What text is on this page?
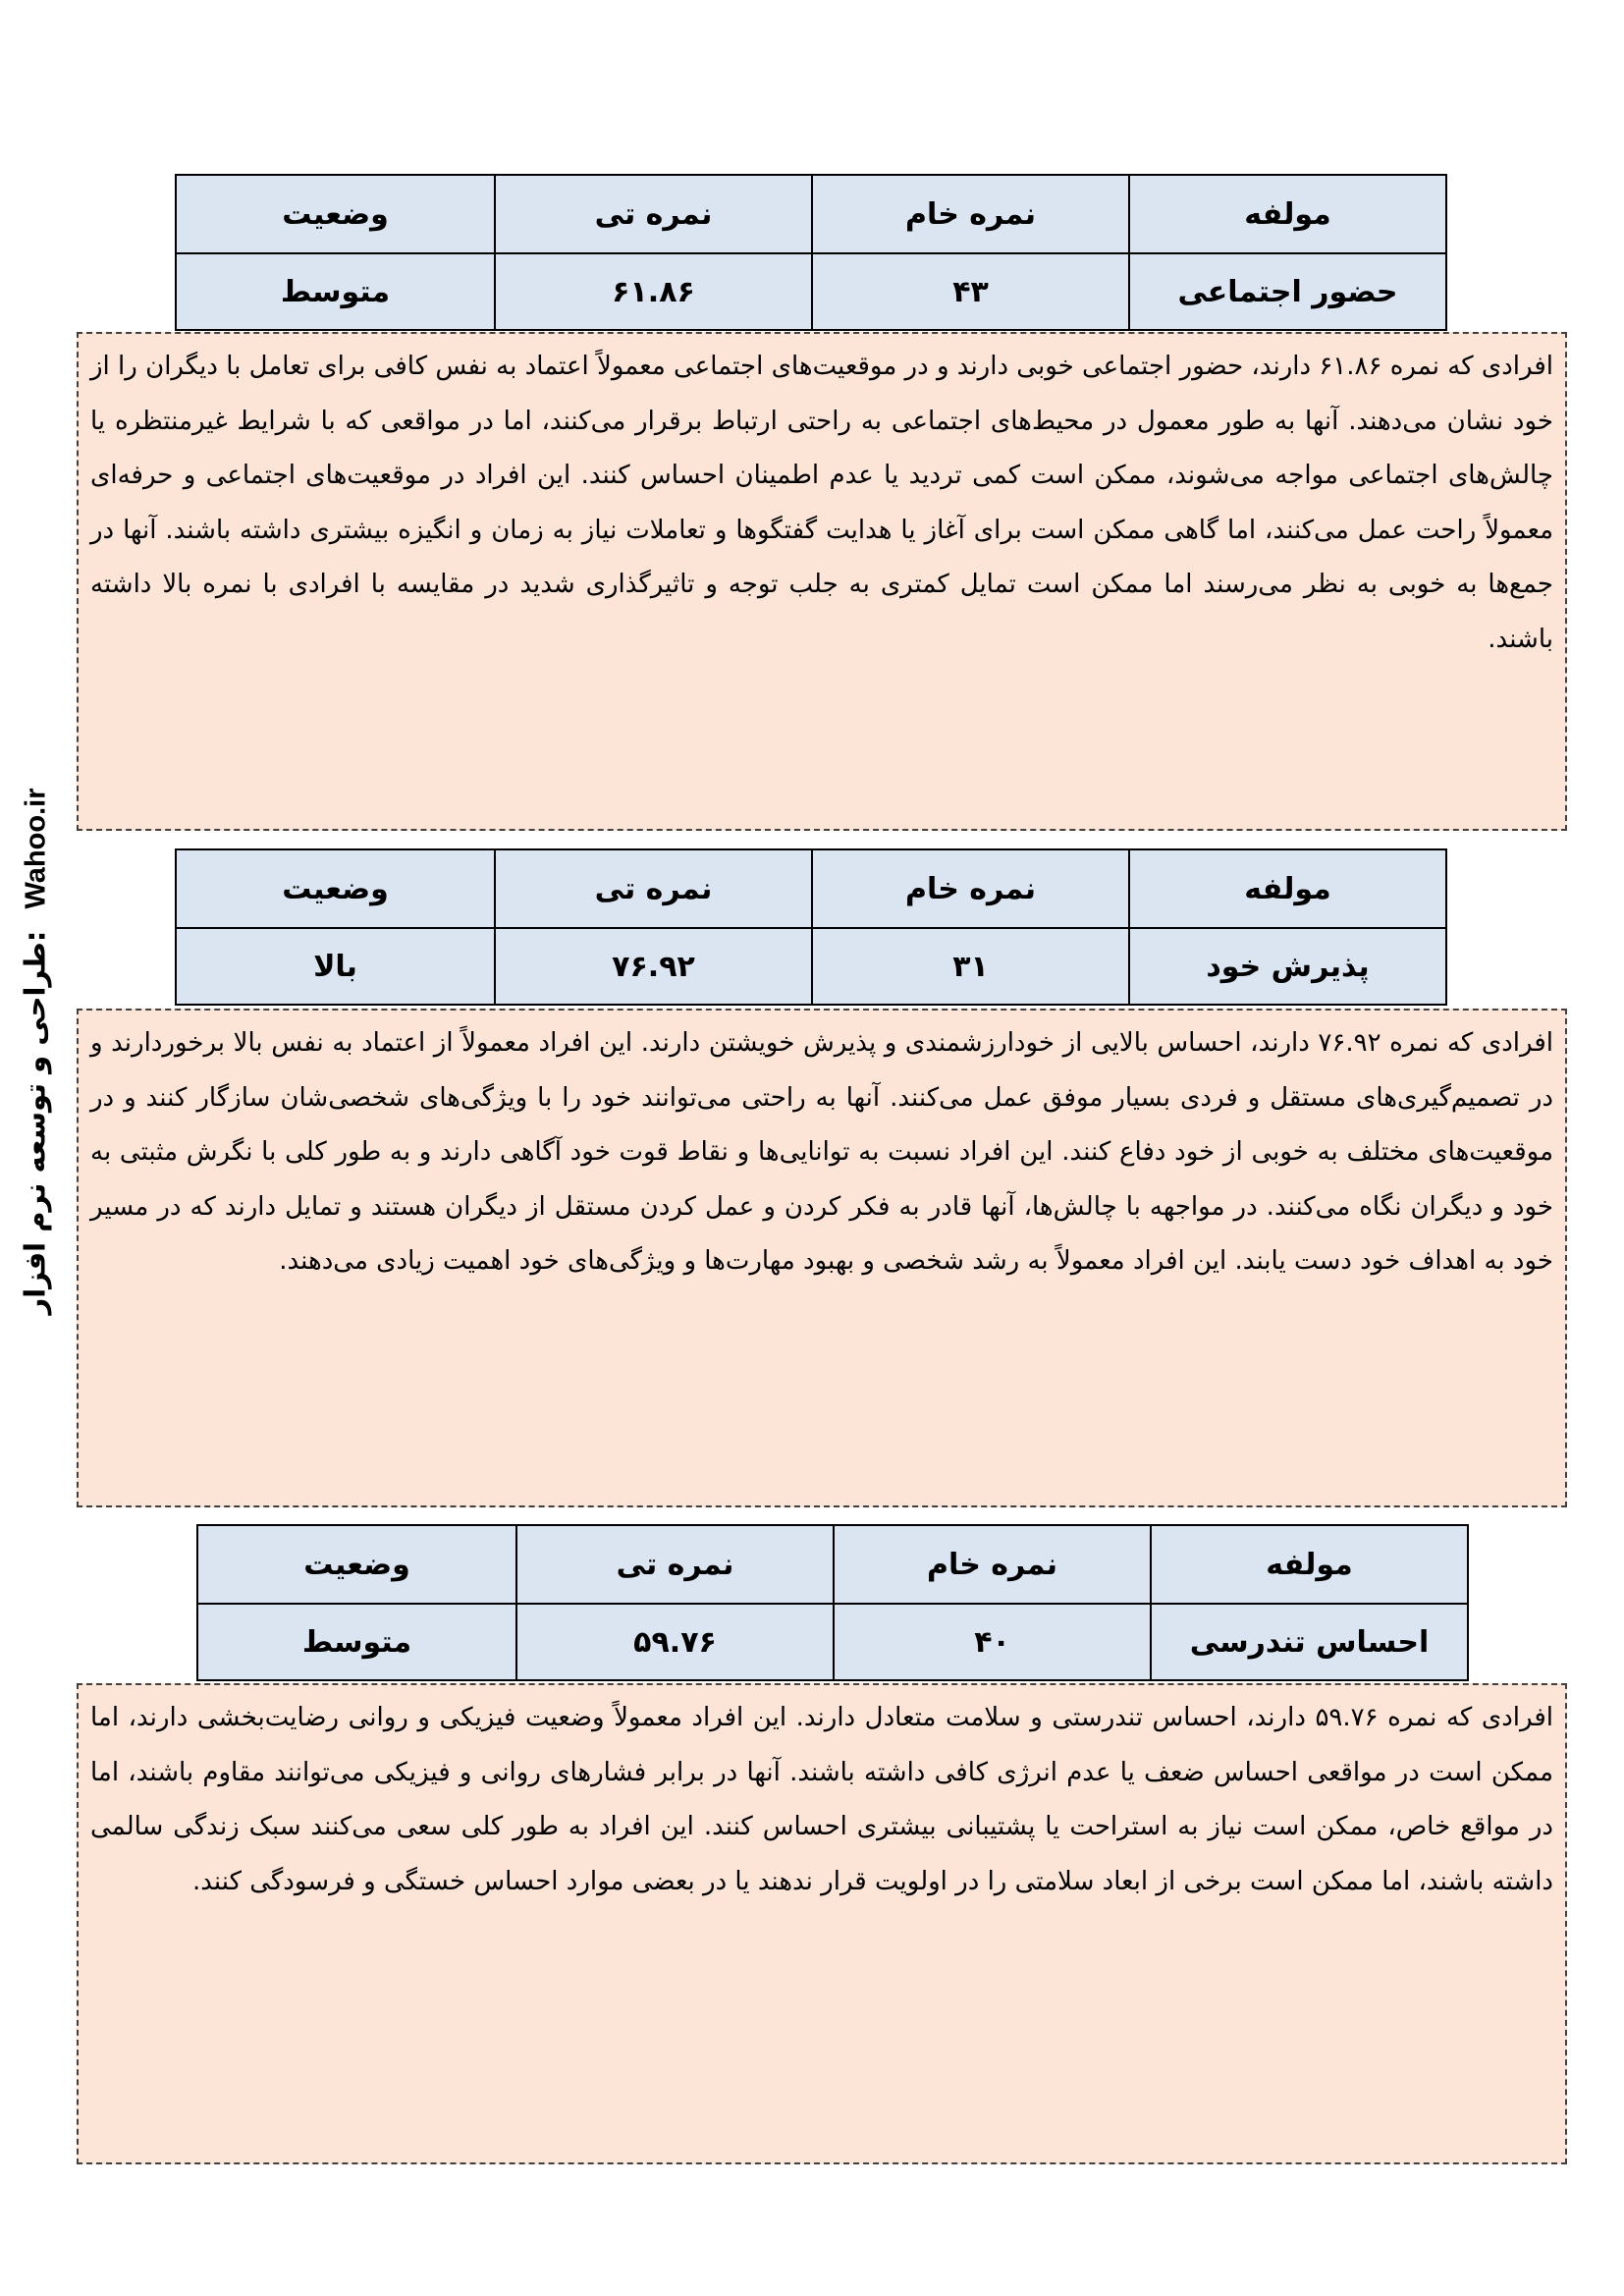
طراحی و توسعه نرم افزار: Wahoo.ir
مولفه	نمره خام	نمره تی	وضعیت
حضور اجتماعی	۴۳	۶۱.۸۶	متوسط
افرادی که نمره ۶۱.۸۶ دارند، حضور اجتماعی خوبی دارند و در موقعیت‌های اجتماعی معمولاً اعتماد به نفس کافی برای تعامل با دیگران را از خود نشان می‌دهند. آنها به طور معمول در محیط‌های اجتماعی به راحتی ارتباط برقرار می‌کنند، اما در مواقعی که با شرایط غیرمنتظره یا چالش‌های اجتماعی مواجه می‌شوند، ممکن است کمی تردید یا عدم اطمینان احساس کنند. این افراد در موقعیت‌های اجتماعی و حرفه‌ای معمولاً راحت عمل می‌کنند، اما گاهی ممکن است برای آغاز یا هدایت گفتگوها و تعاملات نیاز به زمان و انگیزه بیشتری داشته باشند. آنها در جمع‌ها به خوبی به نظر می‌رسند اما ممکن است تمایل کمتری به جلب توجه و تاثیرگذاری شدید در مقایسه با افرادی با نمره بالا داشته باشند.
مولفه	نمره خام	نمره تی	وضعیت
پذیرش خود	۳۱	۷۶.۹۲	بالا
افرادی که نمره ۷۶.۹۲ دارند، احساس بالایی از خودارزشمندی و پذیرش خویشتن دارند. این افراد معمولاً از اعتماد به نفس بالا برخوردارند و در تصمیم‌گیری‌های مستقل و فردی بسیار موفق عمل می‌کنند. آنها به راحتی می‌توانند خود را با ویژگی‌های شخصی‌شان سازگار کنند و در موقعیت‌های مختلف به خوبی از خود دفاع کنند. این افراد نسبت به توانایی‌ها و نقاط قوت خود آگاهی دارند و به طور کلی با نگرش مثبتی به خود و دیگران نگاه می‌کنند. در مواجهه با چالش‌ها، آنها قادر به فکر کردن و عمل کردن مستقل از دیگران هستند و تمایل دارند که در مسیر خود به اهداف خود دست یابند. این افراد معمولاً به رشد شخصی و بهبود مهارت‌ها و ویژگی‌های خود اهمیت زیادی می‌دهند.
مولفه	نمره خام	نمره تی	وضعیت
احساس تندرسی	۴۰	۵۹.۷۶	متوسط
افرادی که نمره ۵۹.۷۶ دارند، احساس تندرستی و سلامت متعادل دارند. این افراد معمولاً وضعیت فیزیکی و روانی رضایت‌بخشی دارند، اما ممکن است در مواقعی احساس ضعف یا عدم انرژی کافی داشته باشند. آنها در برابر فشارهای روانی و فیزیکی می‌توانند مقاوم باشند، اما در مواقع خاص، ممکن است نیاز به استراحت یا پشتیبانی بیشتری احساس کنند. این افراد به طور کلی سعی می‌کنند سبک زندگی سالمی داشته باشند، اما ممکن است برخی از ابعاد سلامتی را در اولویت قرار ندهند یا در بعضی موارد احساس خستگی و فرسودگی کنند.
